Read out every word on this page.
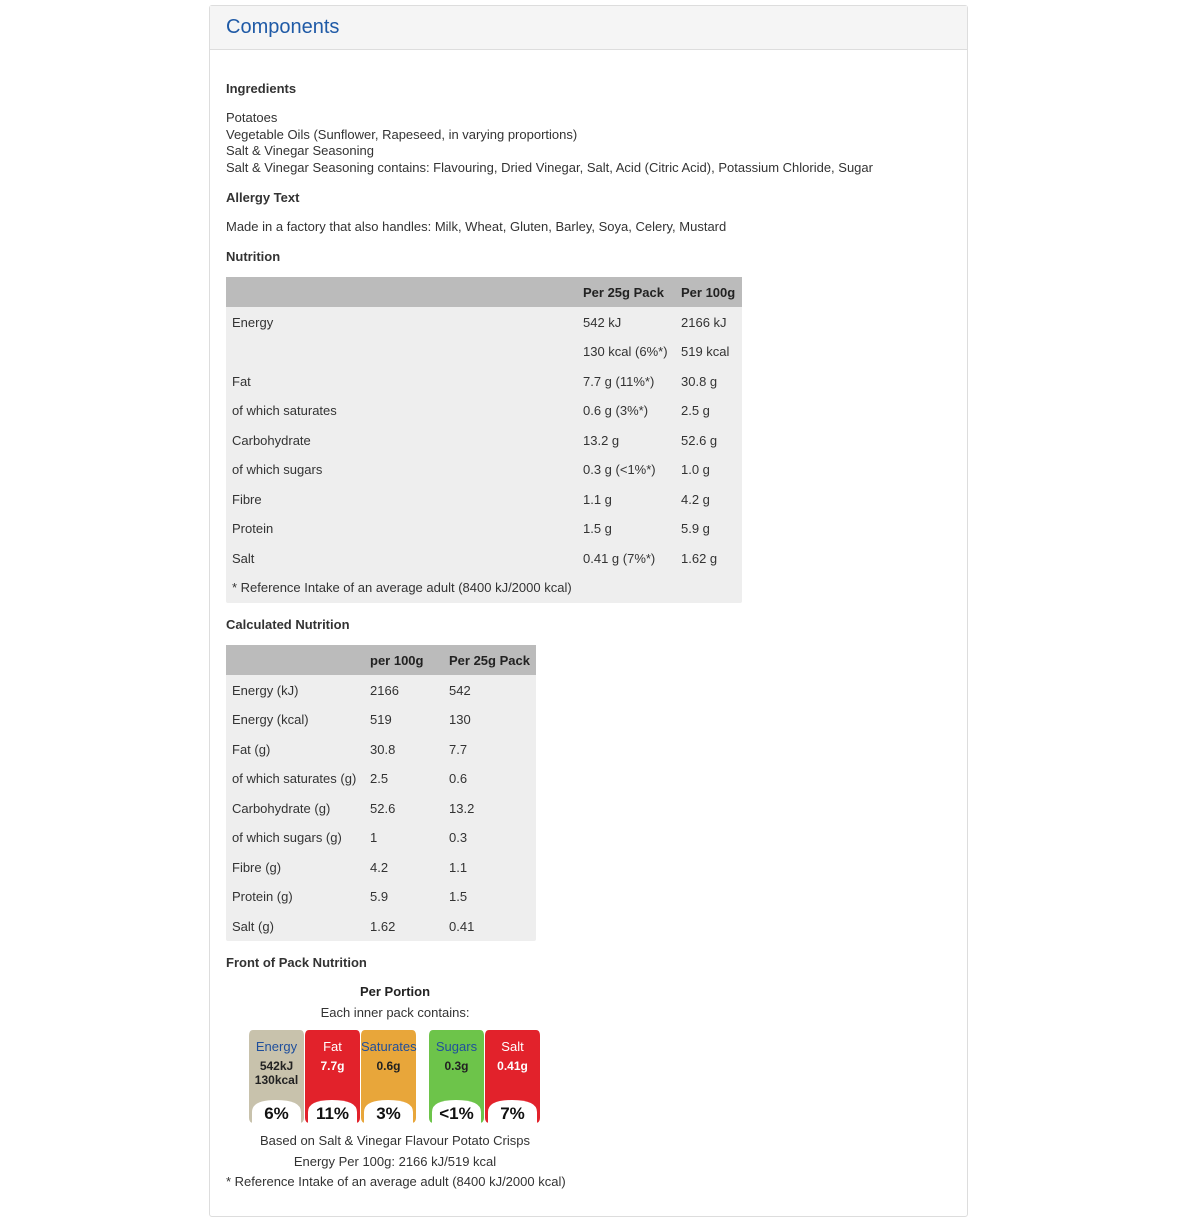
Components
Ingredients
Potatoes
Vegetable Oils (Sunflower, Rapeseed, in varying proportions)
Salt & Vinegar Seasoning
Salt & Vinegar Seasoning contains: Flavouring, Dried Vinegar, Salt, Acid (Citric Acid), Potassium Chloride, Sugar
Allergy Text
Made in a factory that also handles: Milk, Wheat, Gluten, Barley, Soya, Celery, Mustard
Nutrition
Per 25g Pack Per 100g
Energy	542 kJ	2166 kJ
130 kcal (6%*) 519 kcal
Fat	7.7 g (11%*) 30.8 g
of which saturates	0.6 g (3%*)	2.5 g
Carbohydrate	13.2 g	52.6 g
of which sugars	0.3 g (<1%*) 1.0 g
Fibre	1.1 g	4.2 g
Protein	1.5 g	5.9 g
Salt	0.41 g (7%*) 1.62 g
* Reference Intake of an average adult (8400 kJ/2000 kcal)
Calculated Nutrition
per 100g Per 25g Pack
Energy (kJ)	2166	542
Energy (kcal)	519	130
Fat (g)	30.8	7.7
of which saturates (g) 2.5	0.6
Carbohydrate (g)	52.6	13.2
of which sugars (g) 1	0.3
Fibre (g)	4.2	1.1
Protein (g)	5.9	1.5
Salt (g)	1.62	0.41
Front of Pack Nutrition
Per Portion
Each inner pack contains:
Energy
542kJ
130kcal
6%
Fat
7.7g
11%
Saturates
0.6g
3%
Sugars
0.3g
<1%
Salt
0.41g
7%
Based on Salt & Vinegar Flavour Potato Crisps
Energy Per 100g: 2166 kJ/519 kcal
* Reference Intake of an average adult (8400 kJ/2000 kcal)
